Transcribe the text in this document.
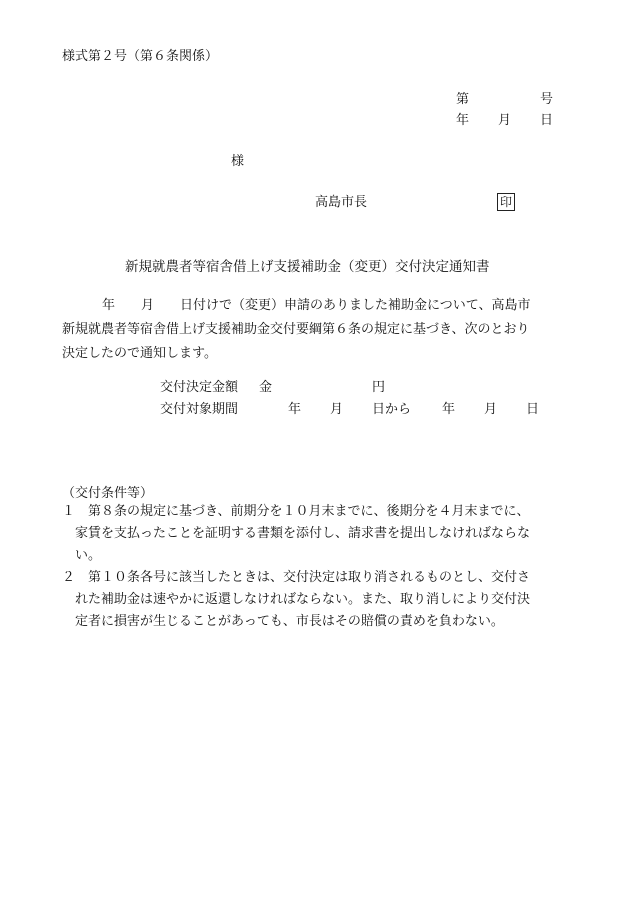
様式第２号（第６条関係）
第	号
年 月 日
様
高島市長	印
新規就農者等宿舎借上げ支援補助金（変更）交付決定通知書
年　　月　　日付けで（変更）申請のありました補助金について、高島市
新規就農者等宿舎借上げ支援補助金交付要綱第６条の規定に基づき、次のとおり
決定したので通知します。
交付決定金額 金	円
交付対象期間	年 月 日から 年 月 日
（交付条件等）
１　第８条の規定に基づき、前期分を１０月末までに、後期分を４月末までに、
　家賃を支払ったことを証明する書類を添付し、請求書を提出しなければならな
　い。
２　第１０条各号に該当したときは、交付決定は取り消されるものとし、交付さ
　れた補助金は速やかに返還しなければならない。また、取り消しにより交付決
　定者に損害が生じることがあっても、市長はその賠償の責めを負わない。
